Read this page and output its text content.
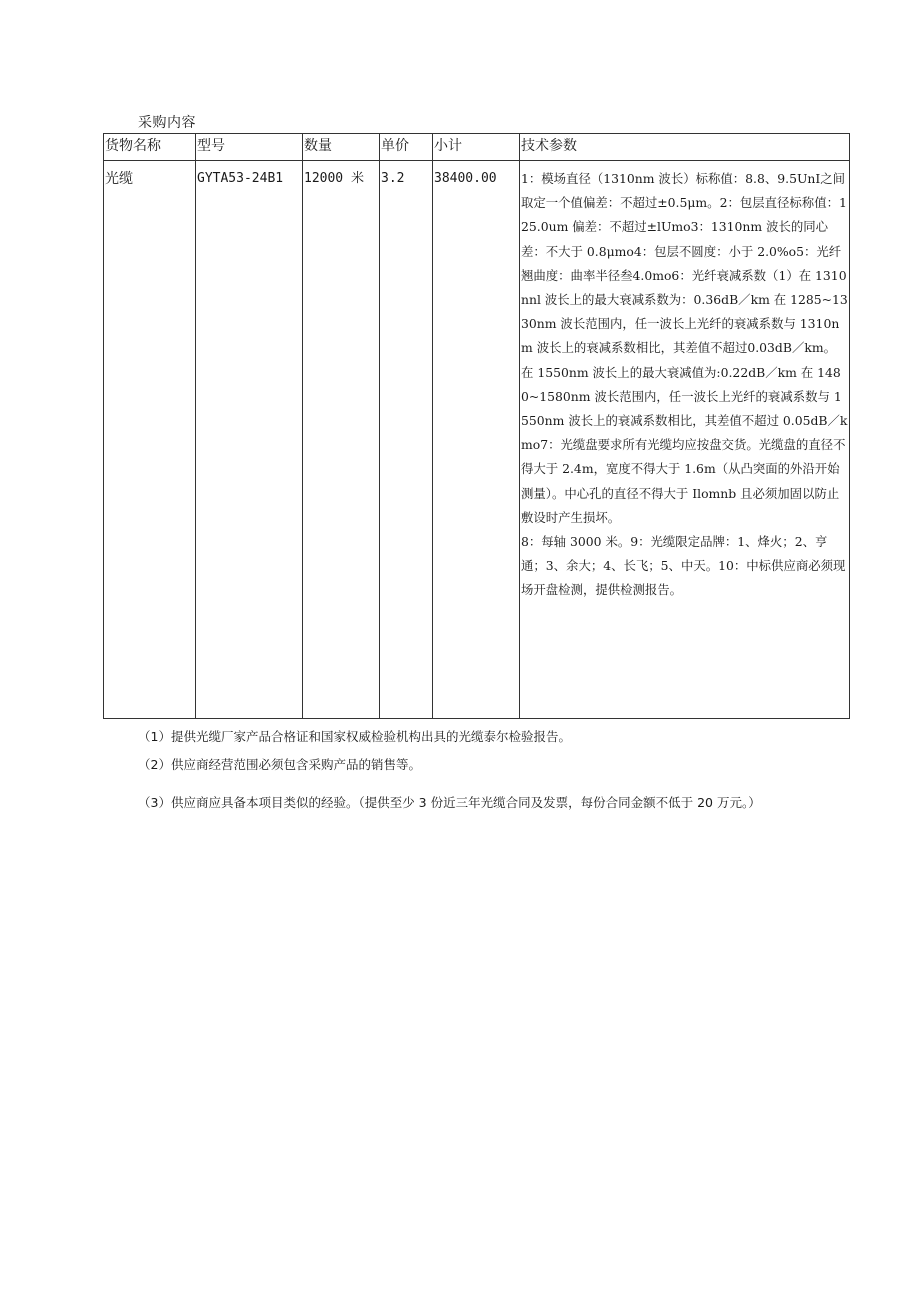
采购内容
货物名称	型号	数量	单价	小计	技术参数

光缆	GYTA53-24B1	12000 米	3.2	38400.00	1：模场直径（1310nm 波长）标称值：8.8、9.5UnI之间取定一个值偏差：不超过±0.5μm。2：包层直径标称值：125.0um 偏差：不超过±lUmo3：1310nm 波长的同心差：不大于 0.8μmo4：包层不圆度：小于 2.0%o5：光纤翘曲度：曲率半径叁4.0mo6：光纤衰减系数（1）在 1310nnl 波长上的最大衰减系数为：0.36dB／km 在 1285~1330nm 波长范围内，任一波长上光纤的衰减系数与 1310nm 波长上的衰减系数相比，其差值不超过0.03dB／km。在 1550nm 波长上的最大衰减值为:0.22dB／km 在 1480~1580nm 波长范围内，任一波长上光纤的衰减系数与 1550nm 波长上的衰减系数相比，其差值不超过 0.05dB／kmo7：光缆盘要求所有光缆均应按盘交货。光缆盘的直径不得大于 2.4m，宽度不得大于 1.6m（从凸突面的外沿开始测量）。中心孔的直径不得大于 Ilomnb 且必须加固以防止敷设时产生损坏。

8：每轴 3000 米。9：光缆限定品牌：1、烽火；2、亨通；3、余大；4、长飞；5、中天。10：中标供应商必须现场开盘检测，提供检测报告。

（1）提供光缆厂家产品合格证和国家权威检验机构出具的光缆泰尔检验报告。
（2）供应商经营范围必须包含采购产品的销售等。
（3）供应商应具备本项目类似的经验。（提供至少 3 份近三年光缆合同及发票，每份合同金额不低于 20 万元。）
